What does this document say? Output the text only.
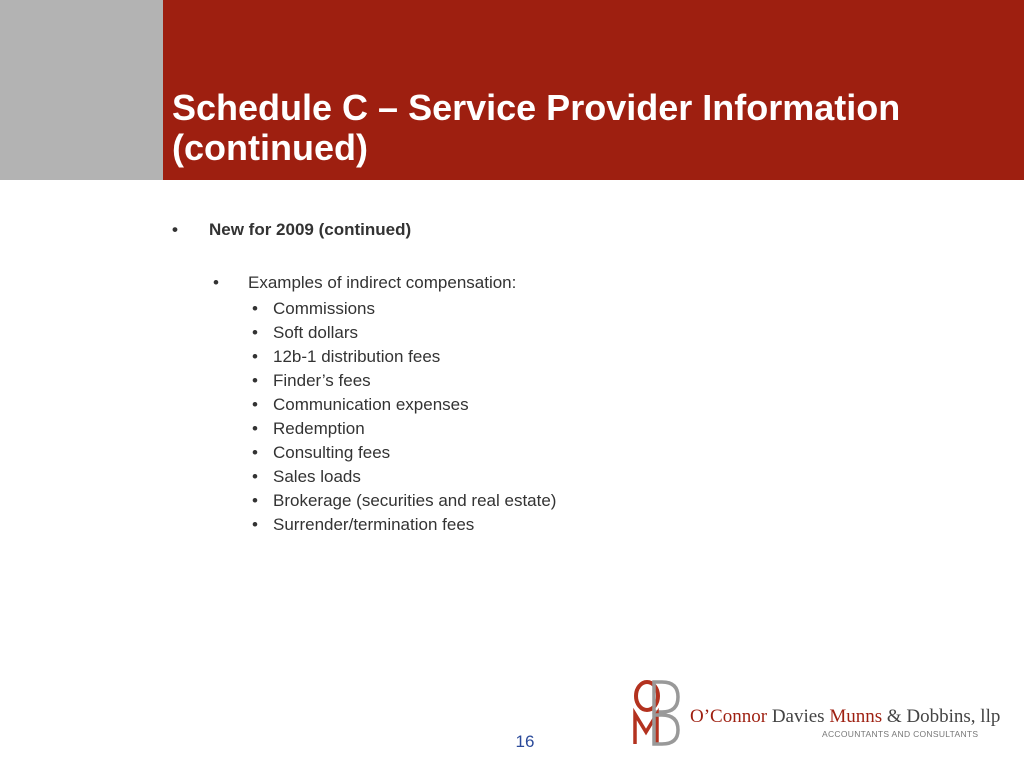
Schedule C – Service Provider Information
(continued)
• New for 2009 (continued)
• Examples of indirect compensation:
• Commissions
• Soft dollars
• 12b-1 distribution fees
• Finder’s fees
• Communication expenses
• Redemption
• Consulting fees
• Sales loads
• Brokerage (securities and real estate)
• Surrender/termination fees
O’Connor Davies Munns & Dobbins, llp
ACCOUNTANTS AND CONSULTANTS
16
